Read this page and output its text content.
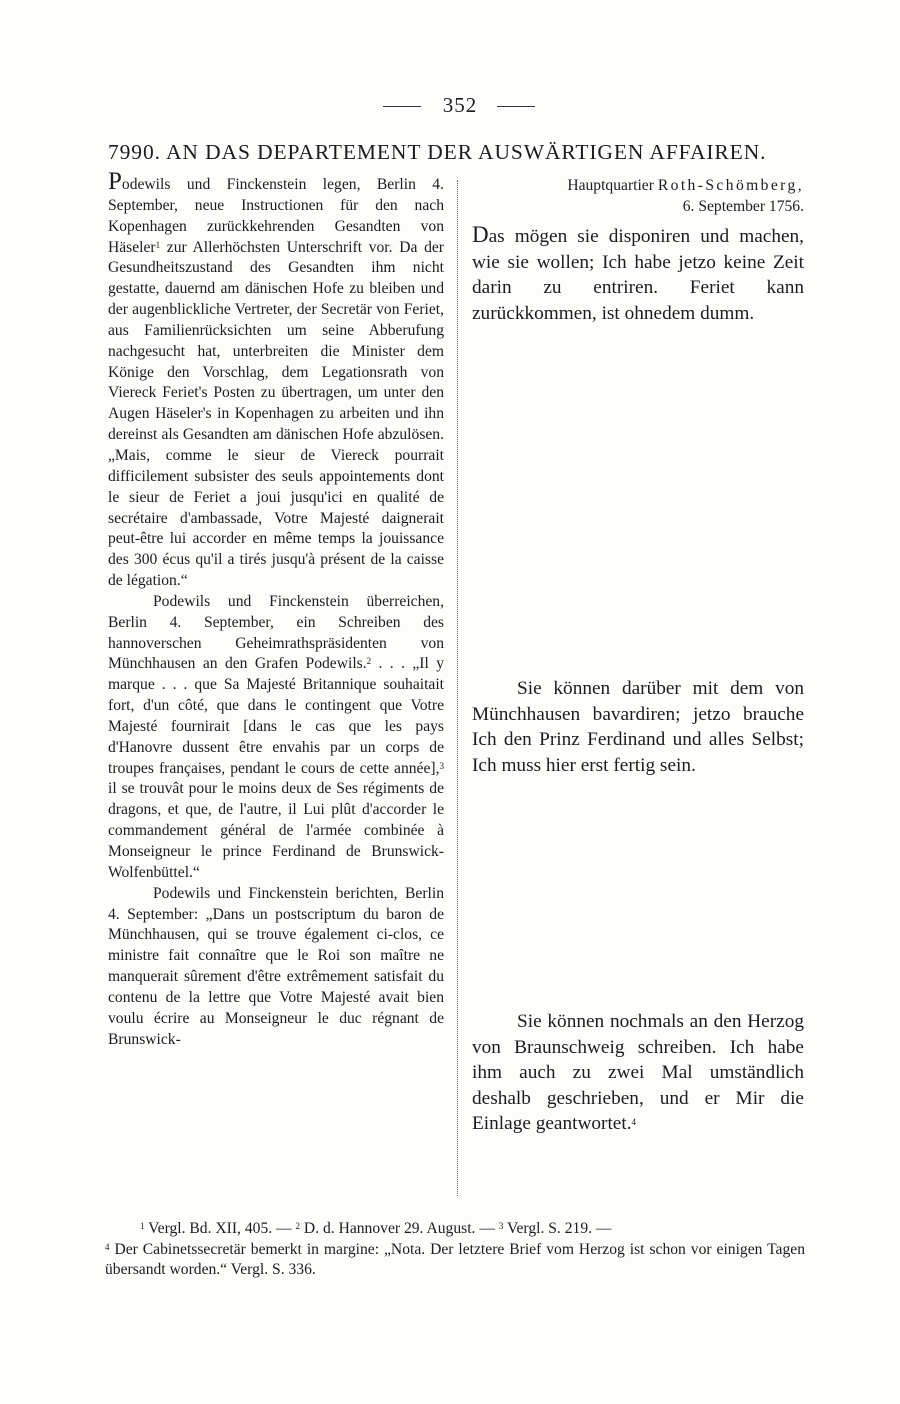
352
7990. AN DAS DEPARTEMENT DER AUSWÄRTIGEN AFFAIREN.

Podewils und Finckenstein legen, Berlin 4. September, neue Instructionen für den nach Kopenhagen zurückkehrenden Gesandten von Häseler$^1$ zur Allerhöchsten Unterschrift vor. Da der Gesundheitszustand des Gesandten ihm nicht gestatte, dauernd am dänischen Hofe zu bleiben und der augenblickliche Vertreter, der Secretär von Feriet, aus Familienrücksichten um seine Abberufung nachgesucht hat, unterbreiten die Minister dem Könige den Vorschlag, dem Legationsrath von Viereck Feriet's Posten zu übertragen, um unter den Augen Häseler's in Kopenhagen zu arbeiten und ihn dereinst als Gesandten am dänischen Hofe abzulösen. „Mais, comme le sieur de Viereck pourrait difficilement subsister des seuls appointements dont le sieur de Feriet a joui jusqu'ici en qualité de secrétaire d'ambassade, Votre Majesté daignerait peut-être lui accorder en même temps la jouissance des 300 écus qu'il a tirés jusqu'à présent de la caisse de légation.“

Podewils und Finckenstein überreichen, Berlin 4. September, ein Schreiben des hannoverschen Geheimrathspräsidenten von Münchhausen an den Grafen Podewils.$^2$ . . . „Il y marque . . . que Sa Majesté Britannique souhaitait fort, d'un côté, que dans le contingent que Votre Majesté fournirait [dans le cas que les pays d'Hanovre dussent être envahis par un corps de troupes françaises, pendant le cours de cette année],$^3$ il se trouvât pour le moins deux de Ses régiments de dragons, et que, de l'autre, il Lui plût d'accorder le commandement général de l'armée combinée à Monseigneur le prince Ferdinand de Brunswick-Wolfenbüttel.“

Podewils und Finckenstein berichten, Berlin 4. September: „Dans un postscriptum du baron de Münchhausen, qui se trouve également ci-clos, ce ministre fait connaître que le Roi son maître ne manquerait sûrement d'être extrêmement satisfait du contenu de la lettre que Votre Majesté avait bien voulu écrire au Monseigneur le duc régnant de Brunswick-

Hauptquartier Roth-Schömberg,
6. September 1756.

Das mögen sie disponiren und machen, wie sie wollen; Ich habe jetzo keine Zeit darin zu entriren. Feriet kann zurückkommen, ist ohnedem dumm.

Sie können darüber mit dem von Münchhausen bavardiren; jetzo brauche Ich den Prinz Ferdinand und alles Selbst; Ich muss hier erst fertig sein.

Sie können nochmals an den Herzog von Braunschweig schreiben. Ich habe ihm auch zu zwei Mal umständlich deshalb geschrieben, und er Mir die Einlage geantwortet.$^4$

$^1$ Vergl. Bd. XII, 405. — $^2$ D. d. Hannover 29. August. — $^3$ Vergl. S. 219. —
$^4$ Der Cabinetssecretär bemerkt in margine: „Nota. Der letztere Brief vom Herzog ist schon vor einigen Tagen übersandt worden.“ Vergl. S. 336.
